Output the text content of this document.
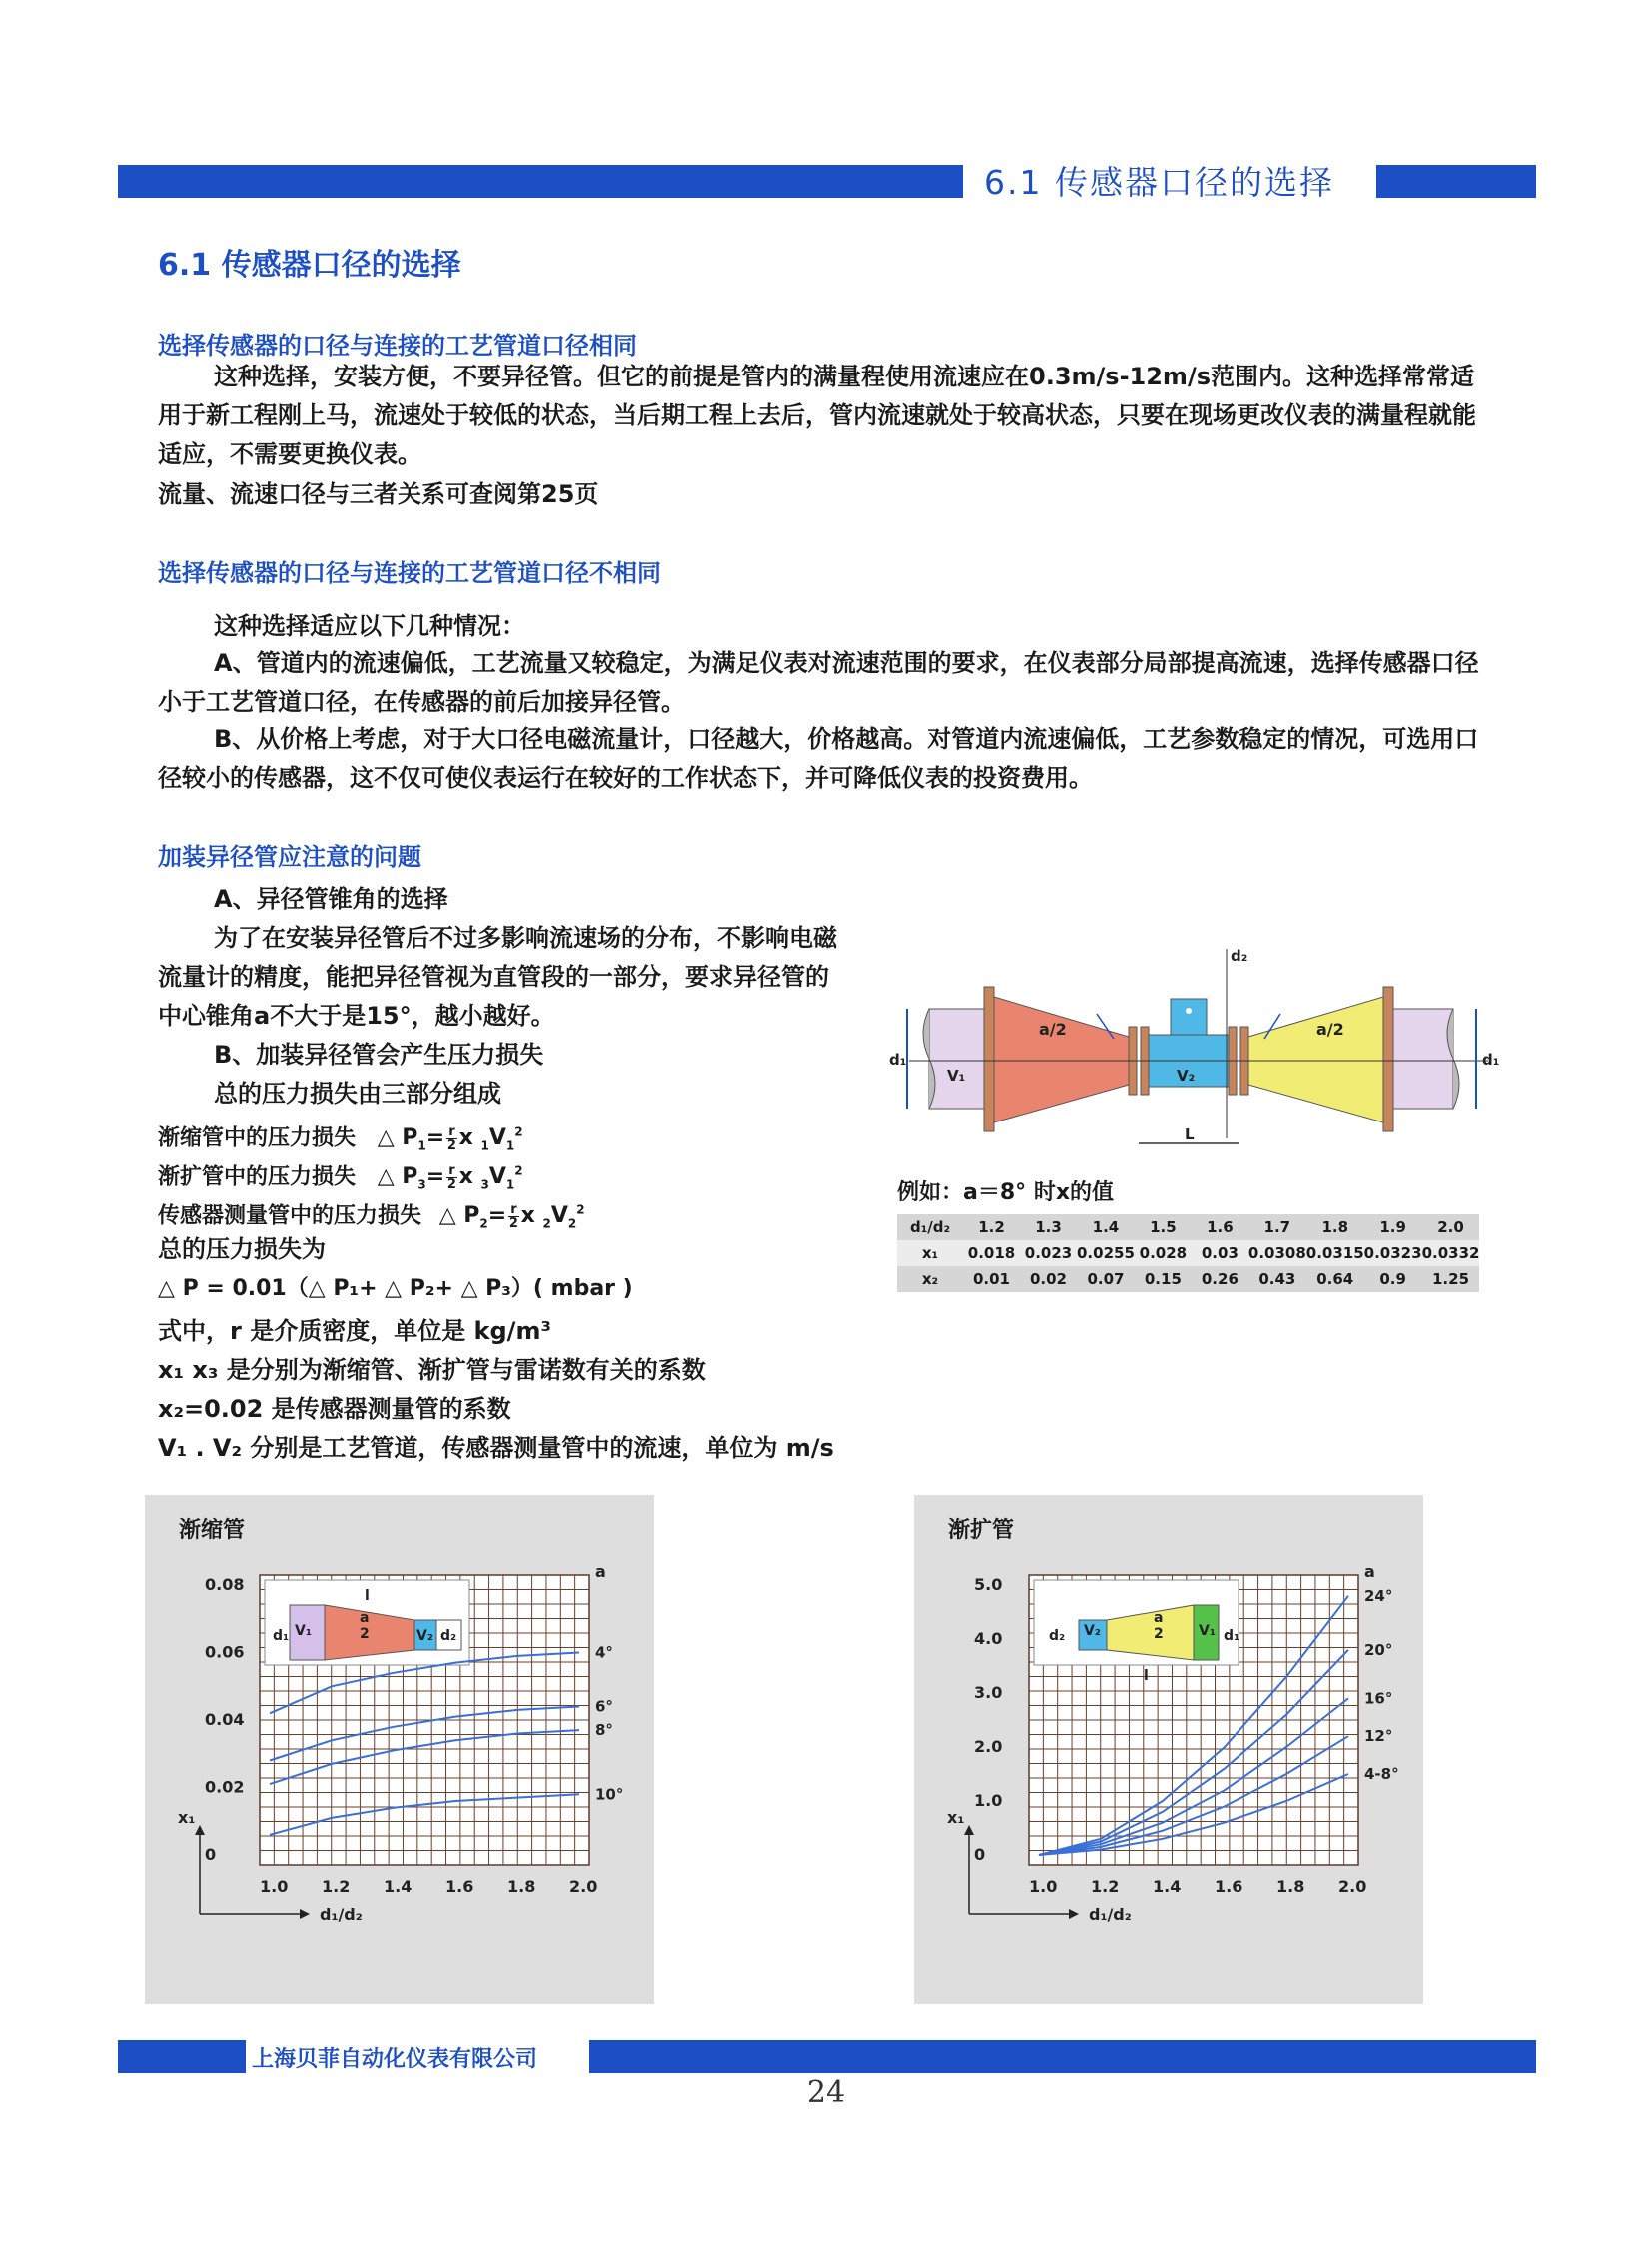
6.1 传感器口径的选择
6.1 传感器口径的选择
选择传感器的口径与连接的工艺管道口径相同
这种选择，安装方便，不要异径管。但它的前提是管内的满量程使用流速应在0.3m/s-12m/s范围内。这种选择常常适用于新工程刚上马，流速处于较低的状态，当后期工程上去后，管内流速就处于较高状态，只要在现场更改仪表的满量程就能适应，不需要更换仪表。
流量、流速口径与三者关系可查阅第25页
选择传感器的口径与连接的工艺管道口径不相同
这种选择适应以下几种情况：
A、管道内的流速偏低，工艺流量又较稳定，为满足仪表对流速范围的要求，在仪表部分局部提高流速，选择传感器口径小于工艺管道口径，在传感器的前后加接异径管。
B、从价格上考虑，对于大口径电磁流量计，口径越大，价格越高。对管道内流速偏低，工艺参数稳定的情况，可选用口径较小的传感器，这不仅可使仪表运行在较好的工作状态下，并可降低仪表的投资费用。
加装异径管应注意的问题
A、异径管锥角的选择
为了在安装异径管后不过多影响流速场的分布，不影响电磁流量计的精度，能把异径管视为直管段的一部分，要求异径管的中心锥角a不大于是15°，越小越好。
B、加装异径管会产生压力损失
总的压力损失由三部分组成
渐缩管中的压力损失 △ $P_1= \frac{r}{2}$ x $_1V_1^2$
渐扩管中的压力损失 △ $P_3= \frac{r}{2}$ x $_3V_1^2$
传感器测量管中的压力损失 △ $P_2= \frac{r}{2}$ x $_2V_2^2$
总的压力损失为
△ P = 0.01（△ P₁+ △ P₂+ △ P₃）( mbar )
式中，r 是介质密度，单位是 kg/m³
x₁ x₃ 是分别为渐缩管、渐扩管与雷诺数有关的系数
x₂=0.02 是传感器测量管的系数
V₁ . V₂ 分别是工艺管道，传感器测量管中的流速，单位为 m/s
a/2	a/2
V₁	V₂
d₁	d₁
d₂
L
例如：a＝8° 时x的值
d₁/d₂	1.2	1.3	1.4	1.5	1.6	1.7	1.8	1.9	2.0
x₁	0.018	0.023	0.0255	0.028	0.03	0.0308	0.0315	0.0323	0.0332
x₂	0.01	0.02	0.07	0.15	0.26	0.43	0.64	0.9	1.25
渐缩管
l
a
2
V₁	V₂
d₁	d₂
1.0 1.2 1.4 1.6 1.8 2.0
0.08
0.06
0.04
0.02
0
d₁/d₂
x₁
a
4°
6°
8°
10°
渐扩管
l
a
2	V₁
V₂	d₁
d₂
1.0 1.2 1.4 1.6 1.8 2.0
5.0
4.0
3.0
2.0
1.0
0
d₁/d₂
x₁
a
24°
20°
16°
12°
4-8°
上海贝菲自动化仪表有限公司
24
